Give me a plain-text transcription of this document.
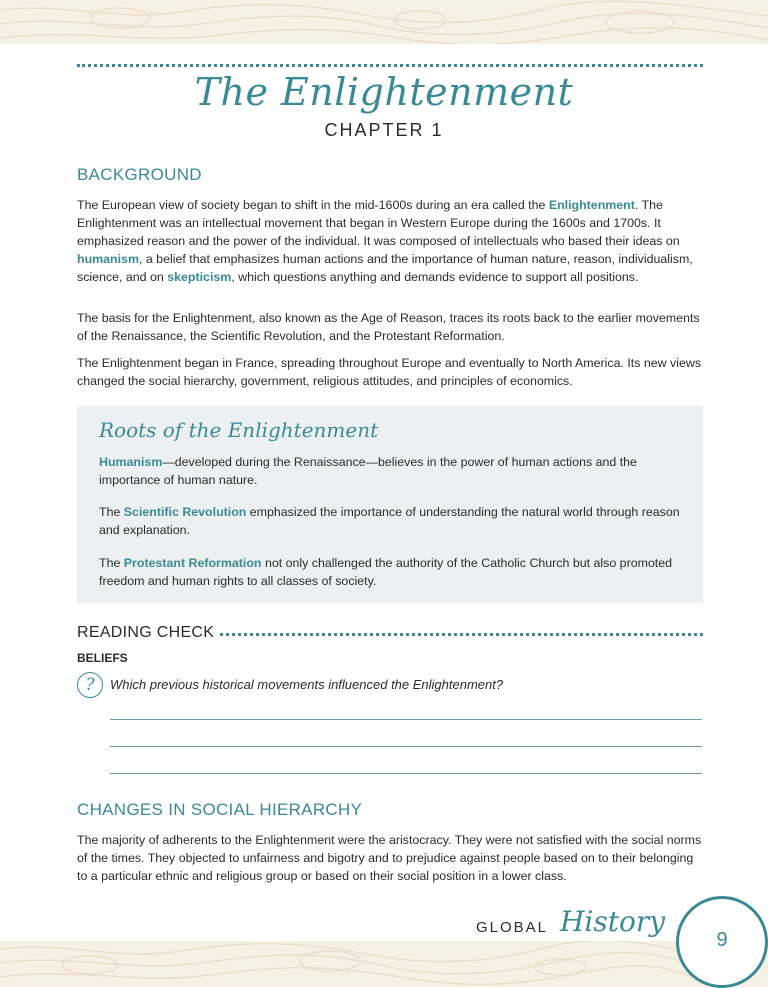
The Enlightenment
CHAPTER 1
BACKGROUND
The European view of society began to shift in the mid-1600s during an era called the Enlightenment. The Enlightenment was an intellectual movement that began in Western Europe during the 1600s and 1700s. It emphasized reason and the power of the individual. It was composed of intellectuals who based their ideas on humanism, a belief that emphasizes human actions and the importance of human nature, reason, individualism, science, and on skepticism, which questions anything and demands evidence to support all positions.
The basis for the Enlightenment, also known as the Age of Reason, traces its roots back to the earlier movements of the Renaissance, the Scientific Revolution, and the Protestant Reformation.
The Enlightenment began in France, spreading throughout Europe and eventually to North America. Its new views changed the social hierarchy, government, religious attitudes, and principles of economics.
Roots of the Enlightenment
Humanism—developed during the Renaissance—believes in the power of human actions and the importance of human nature.
The Scientific Revolution emphasized the importance of understanding the natural world through reason and explanation.
The Protestant Reformation not only challenged the authority of the Catholic Church but also promoted freedom and human rights to all classes of society.
READING CHECK
BELIEFS
?	Which previous historical movements influenced the Enlightenment?
CHANGES IN SOCIAL HIERARCHY
The majority of adherents to the Enlightenment were the aristocracy. They were not satisfied with the social norms of the times. They objected to unfairness and bigotry and to prejudice against people based on to their belonging to a particular ethnic and religious group or based on their social position in a lower class.
GLOBAL History
9
